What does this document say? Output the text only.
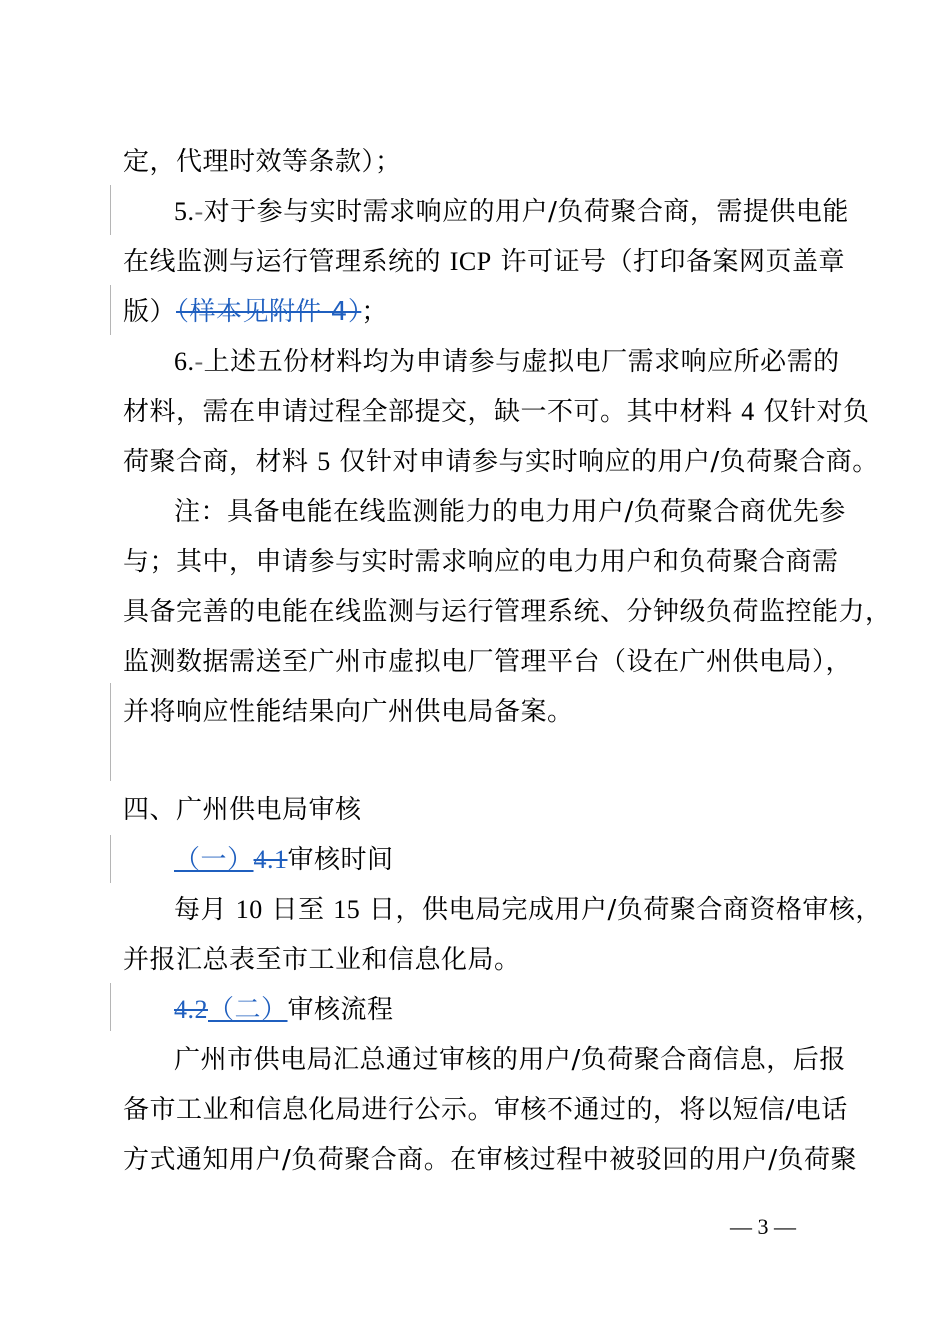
定，代理时效等条款）；
5.-对于参与实时需求响应的用户/负荷聚合商，需提供电能
在线监测与运行管理系统的 ICP 许可证号（打印备案网页盖章
版）（样本见附件 4）；
6.-上述五份材料均为申请参与虚拟电厂需求响应所必需的
材料，需在申请过程全部提交，缺一不可。其中材料 4 仅针对负
荷聚合商，材料 5 仅针对申请参与实时响应的用户/负荷聚合商。
注：具备电能在线监测能力的电力用户/负荷聚合商优先参
与；其中，申请参与实时需求响应的电力用户和负荷聚合商需
具备完善的电能在线监测与运行管理系统、分钟级负荷监控能力，
监测数据需送至广州市虚拟电厂管理平台（设在广州供电局），
并将响应性能结果向广州供电局备案。
四、广州供电局审核
（一）4.1审核时间
每月 10 日至 15 日，供电局完成用户/负荷聚合商资格审核，
并报汇总表至市工业和信息化局。
4.2（二）审核流程
广州市供电局汇总通过审核的用户/负荷聚合商信息，后报
备市工业和信息化局进行公示。审核不通过的，将以短信/电话
方式通知用户/负荷聚合商。在审核过程中被驳回的用户/负荷聚
— 3 —
